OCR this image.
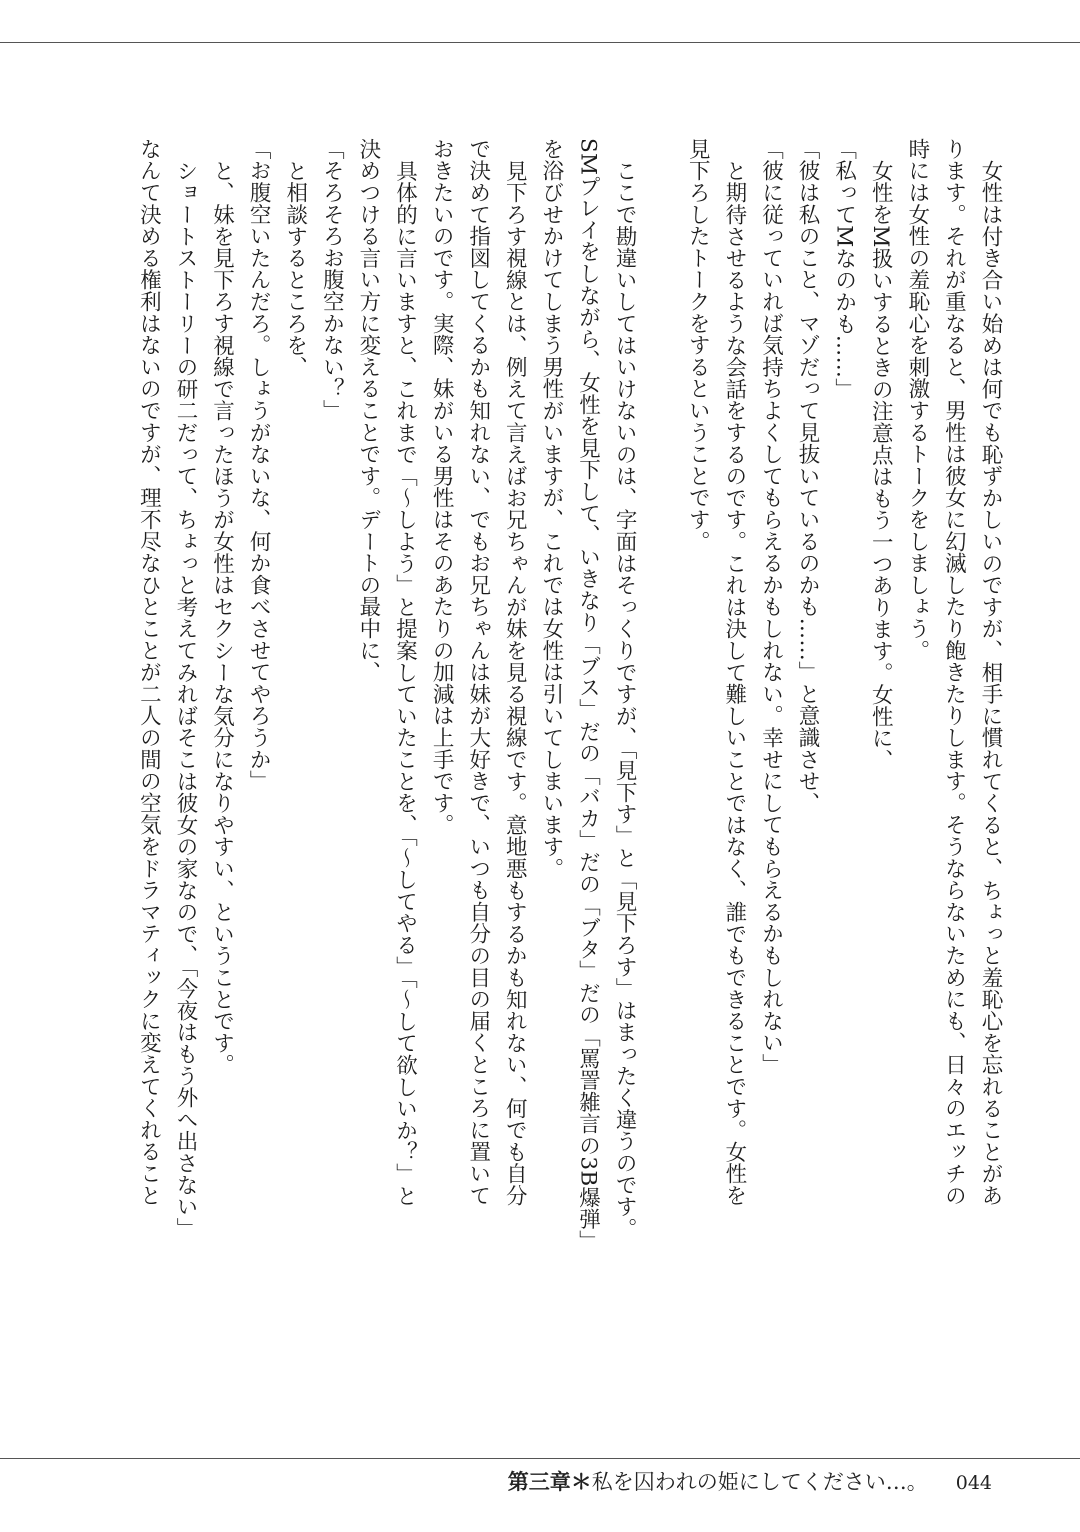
女性は付き合い始めは何でも恥ずかしいのですが、相手に慣れてくると、ちょっと羞恥心を忘れることがあ

ります。それが重なると、男性は彼女に幻滅したり飽きたりします。そうならないためにも、日々のエッチの

時には女性の羞恥心を刺激するトークをしましょう。

女性をM扱いするときの注意点はもう一つあります。女性に、

「私ってMなのかも……」

「彼は私のこと、マゾだって見抜いているのかも……」と意識させ、

「彼に従っていれば気持ちよくしてもらえるかもしれない。幸せにしてもらえるかもしれない」

と期待させるような会話をするのです。これは決して難しいことではなく、誰でもできることです。女性を

見下ろしたトークをするということです。

ここで勘違いしてはいけないのは、字面はそっくりですが、「見下す」と「見下ろす」はまったく違うのです。

SMプレイをしながら、女性を見下して、いきなり「ブス」だの「バカ」だの「ブタ」だの「罵詈雑言の3B爆弾」

を浴びせかけてしまう男性がいますが、これでは女性は引いてしまいます。

見下ろす視線とは、例えて言えばお兄ちゃんが妹を見る視線です。意地悪もするかも知れない、何でも自分

で決めて指図してくるかも知れない、でもお兄ちゃんは妹が大好きで、いつも自分の目の届くところに置いて

おきたいのです。実際、妹がいる男性はそのあたりの加減は上手です。

具体的に言いますと、これまで「〜しよう」と提案していたことを、「〜してやる」「〜して欲しいか？」と

決めつける言い方に変えることです。デートの最中に、

「そろそろお腹空かない？」

と相談するところを、

「お腹空いたんだろ。しょうがないな、何か食べさせてやろうか」

と、妹を見下ろす視線で言ったほうが女性はセクシーな気分になりやすい、ということです。

ショートストーリーの研二だって、ちょっと考えてみればそこは彼女の家なので、「今夜はもう外へ出さない」

なんて決める権利はないのですが、理不尽なひとことが二人の間の空気をドラマティックに変えてくれること

第三章＊私を囚われの姫にしてください…。 044
